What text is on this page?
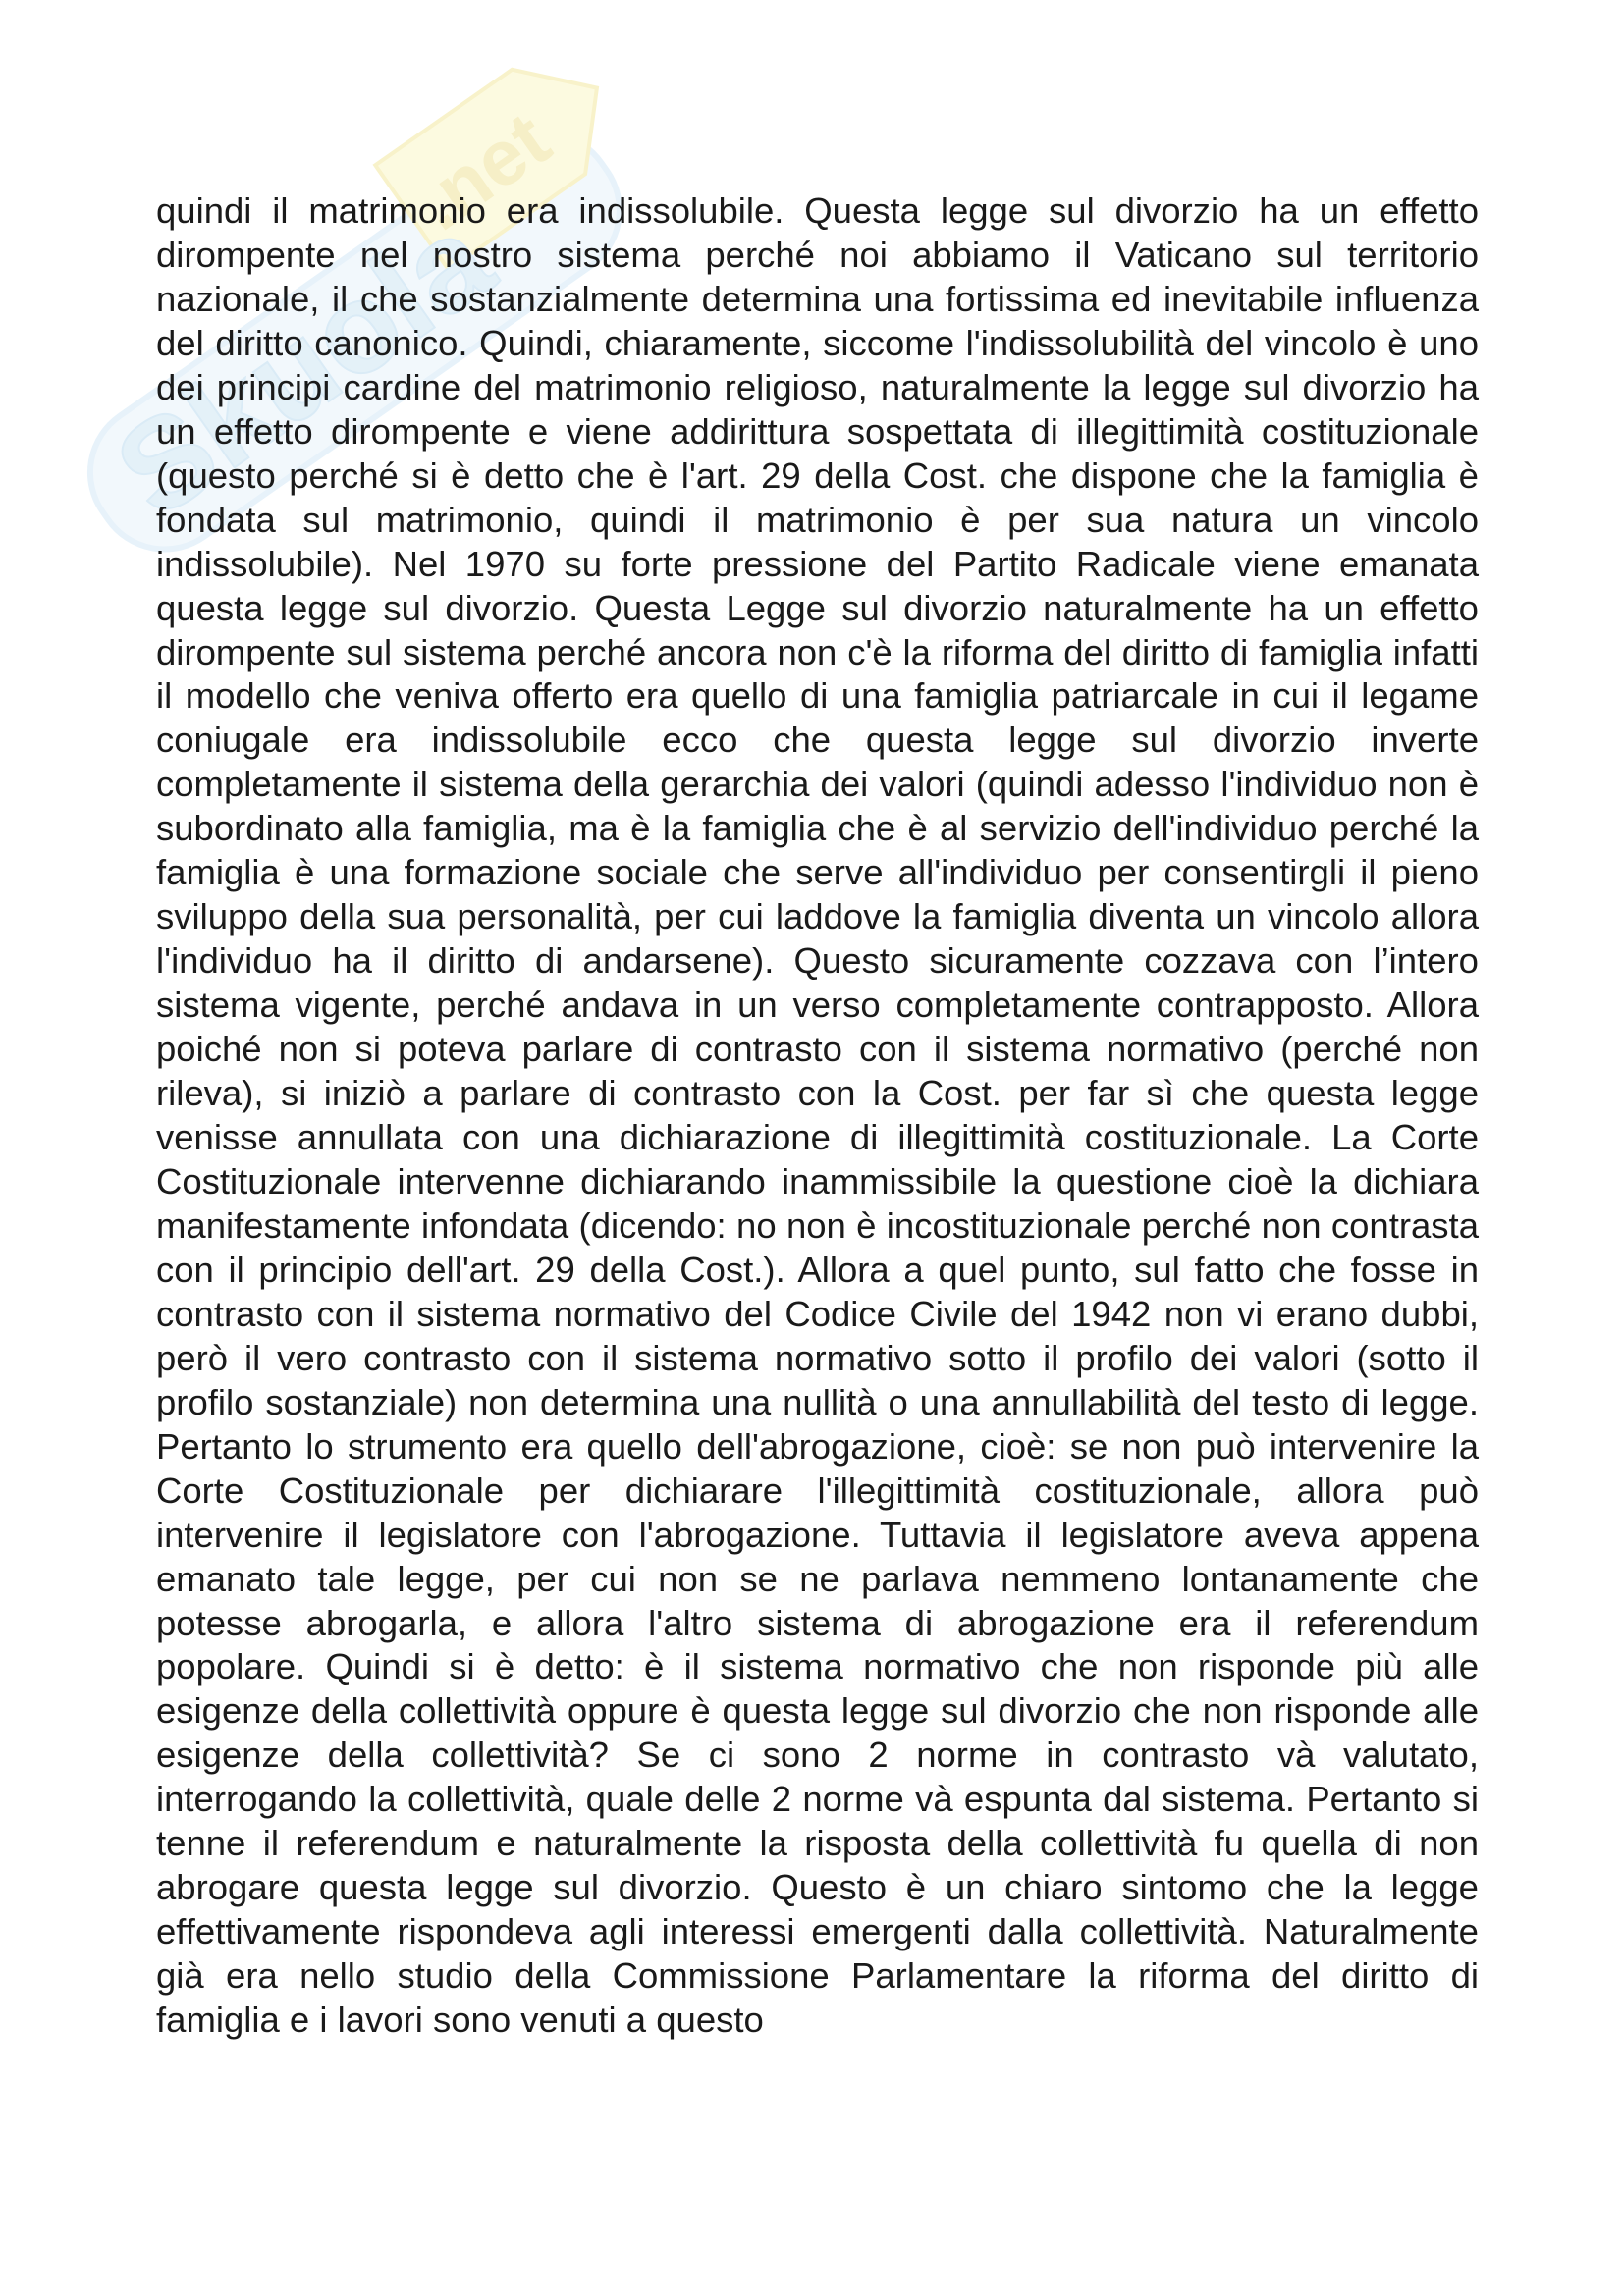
Skuola
.net

quindi il matrimonio era indissolubile. Questa legge sul divorzio ha un effetto dirompente nel nostro sistema perché noi abbiamo il Vaticano sul territorio nazionale, il che sostanzialmente determina una fortissima ed inevitabile influenza del diritto canonico. Quindi, chiaramente, siccome l'indissolubilità del vincolo è uno dei principi cardine del matrimonio religioso, naturalmente la legge sul divorzio ha un effetto dirompente e viene addirittura sospettata di illegittimità costituzionale (questo perché si è detto che è l'art. 29 della Cost. che dispone che la famiglia è fondata sul matrimonio, quindi il matrimonio è per sua natura un vincolo indissolubile). Nel 1970 su forte pressione del Partito Radicale viene emanata questa legge sul divorzio. Questa Legge sul divorzio naturalmente ha un effetto dirompente sul sistema perché ancora non c'è la riforma del diritto di famiglia infatti il modello che veniva offerto era quello di una famiglia patriarcale in cui il legame coniugale era indissolubile ecco che questa legge sul divorzio inverte completamente il sistema della gerarchia dei valori (quindi adesso l'individuo non è subordinato alla famiglia, ma è la famiglia che è al servizio dell'individuo perché la famiglia è una formazione sociale che serve all'individuo per consentirgli il pieno sviluppo della sua personalità, per cui laddove la famiglia diventa un vincolo allora l'individuo ha il diritto di andarsene). Questo sicuramente cozzava con l’intero sistema vigente, perché andava in un verso completamente contrapposto. Allora poiché non si poteva parlare di contrasto con il sistema normativo (perché non rileva), si iniziò a parlare di contrasto con la Cost. per far sì che questa legge venisse annullata con una dichiarazione di illegittimità costituzionale. La Corte Costituzionale intervenne dichiarando inammissibile la questione cioè la dichiara manifestamente infondata (dicendo: no non è incostituzionale perché non contrasta con il principio dell'art. 29 della Cost.). Allora a quel punto, sul fatto che fosse in contrasto con il sistema normativo del Codice Civile del 1942 non vi erano dubbi, però il vero contrasto con il sistema normativo sotto il profilo dei valori (sotto il profilo sostanziale) non determina una nullità o una annullabilità del testo di legge. Pertanto lo strumento era quello dell'abrogazione, cioè: se non può intervenire la Corte Costituzionale per dichiarare l'illegittimità costituzionale, allora può intervenire il legislatore con l'abrogazione. Tuttavia il legislatore aveva appena emanato tale legge, per cui non se ne parlava nemmeno lontanamente che potesse abrogarla, e allora l'altro sistema di abrogazione era il referendum popolare. Quindi si è detto: è il sistema normativo che non risponde più alle esigenze della collettività oppure è questa legge sul divorzio che non risponde alle esigenze della collettività? Se ci sono 2 norme in contrasto và valutato, interrogando la collettività, quale delle 2 norme và espunta dal sistema. Pertanto si tenne il referendum e naturalmente la risposta della collettività fu quella di non abrogare questa legge sul divorzio. Questo è un chiaro sintomo che la legge effettivamente rispondeva agli interessi emergenti dalla collettività. Naturalmente già era nello studio della Commissione Parlamentare la riforma del diritto di famiglia e i lavori sono venuti a questo
